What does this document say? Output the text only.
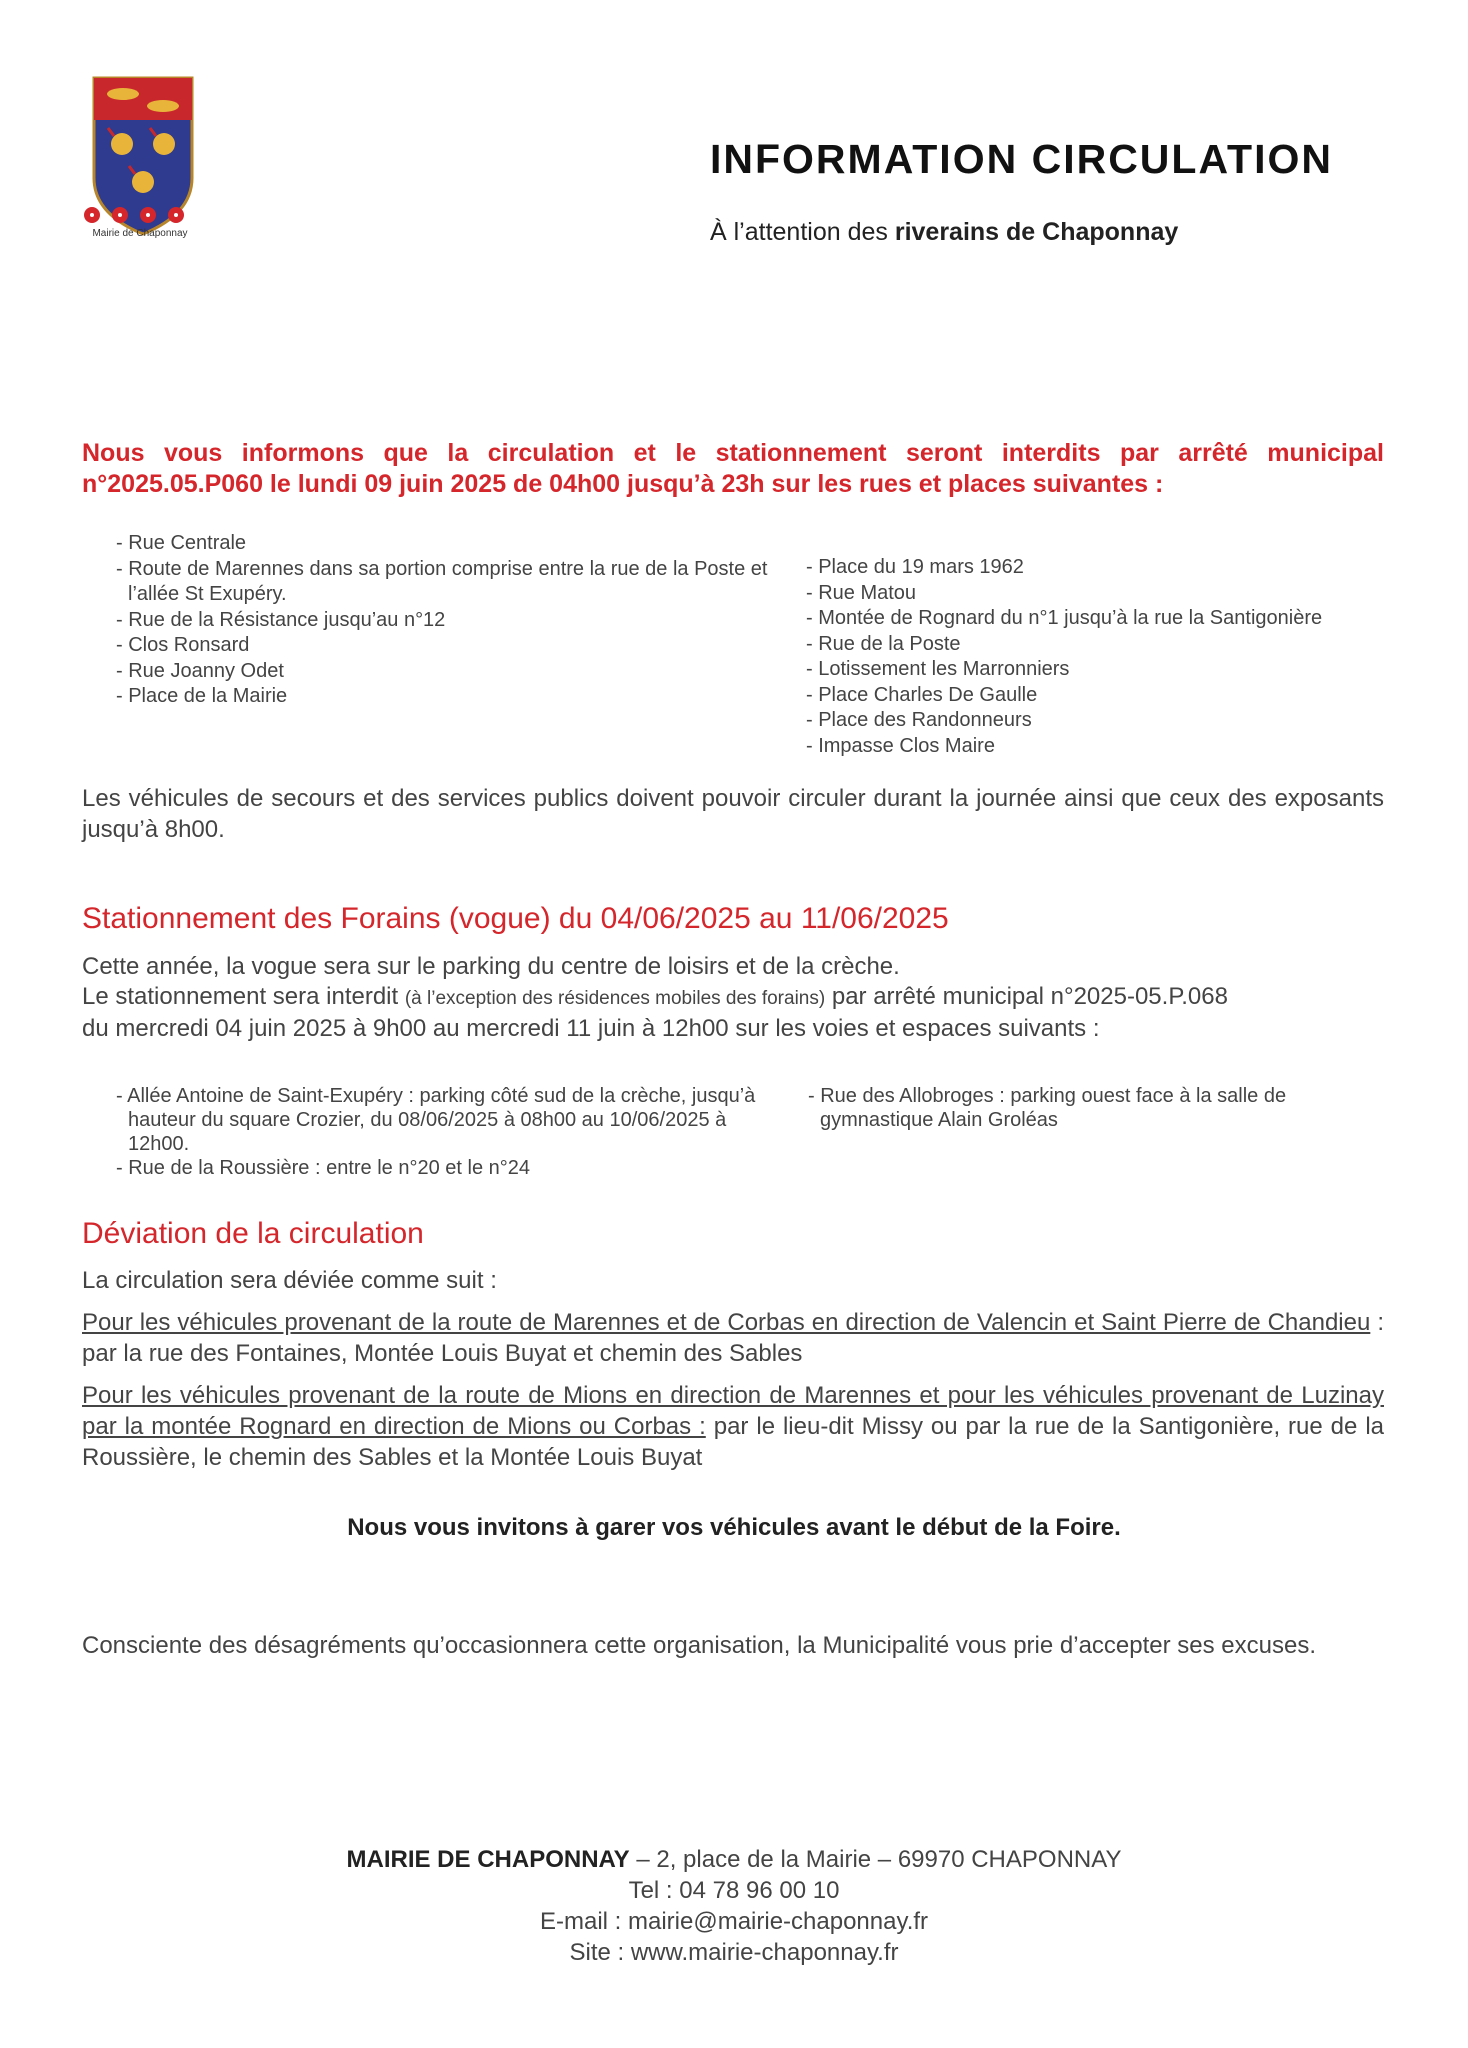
Mairie de Chaponnay
INFORMATION CIRCULATION
À l’attention des riverains de Chaponnay
Nous vous informons que la circulation et le stationnement seront interdits par arrêté municipal n°2025.05.P060 le lundi 09 juin 2025 de 04h00 jusqu’à 23h sur les rues et places suivantes :
- Rue Centrale
- Route de Marennes dans sa portion comprise entre la rue de la Poste et l’allée St Exupéry.
- Rue de la Résistance jusqu’au n°12
- Clos Ronsard
- Rue Joanny Odet
- Place de la Mairie
- Place du 19 mars 1962
- Rue Matou
- Montée de Rognard du n°1 jusqu’à la rue la Santigonière
- Rue de la Poste
- Lotissement les Marronniers
- Place Charles De Gaulle
- Place des Randonneurs
- Impasse Clos Maire
Les véhicules de secours et des services publics doivent pouvoir circuler durant la journée ainsi que ceux des exposants jusqu’à 8h00.
Stationnement des Forains (vogue) du 04/06/2025 au 11/06/2025
Cette année, la vogue sera sur le parking du centre de loisirs et de la crèche.
Le stationnement sera interdit (à l’exception des résidences mobiles des forains) par arrêté municipal n°2025-05.P.068
du mercredi 04 juin 2025 à 9h00 au mercredi 11 juin à 12h00 sur les voies et espaces suivants :
- Allée Antoine de Saint-Exupéry : parking côté sud de la crèche, jusqu’à hauteur du square Crozier, du 08/06/2025 à 08h00 au 10/06/2025 à 12h00.
- Rue de la Roussière : entre le n°20 et le n°24
- Rue des Allobroges : parking ouest face à la salle de gymnastique Alain Groléas
Déviation de la circulation
La circulation sera déviée comme suit :
Pour les véhicules provenant de la route de Marennes et de Corbas en direction de Valencin et Saint Pierre de Chandieu : par la rue des Fontaines, Montée Louis Buyat et chemin des Sables
Pour les véhicules provenant de la route de Mions en direction de Marennes et pour les véhicules provenant de Luzinay par la montée Rognard en direction de Mions ou Corbas : par le lieu-dit Missy ou par la rue de la Santigonière, rue de la Roussière, le chemin des Sables et la Montée Louis Buyat
Nous vous invitons à garer vos véhicules avant le début de la Foire.
Consciente des désagréments qu’occasionnera cette organisation, la Municipalité vous prie d’accepter ses excuses.
MAIRIE DE CHAPONNAY – 2, place de la Mairie – 69970 CHAPONNAY
Tel : 04 78 96 00 10
E-mail : mairie@mairie-chaponnay.fr
Site : www.mairie-chaponnay.fr
